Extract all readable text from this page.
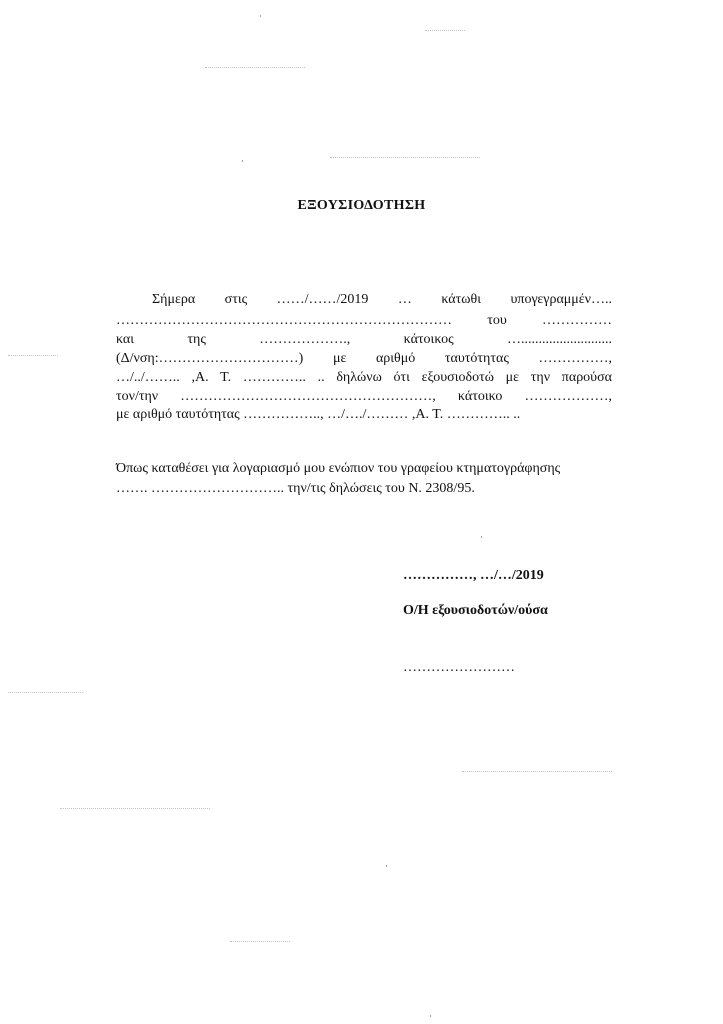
ΕΞΟΥΣΙΟΔΟΤΗΣΗ
Σήμερα στις ……/……/2019 … κάτωθι υπογεγραμμέν…..
……………………………………………………………… του ……………
και της ………………., κάτοικος …..........................
(Δ/νση:…………………………) με αριθμό ταυτότητας ……………,
…/../…….. ,Α. Τ. ………….. .. δηλώνω ότι εξουσιοδοτώ με την παρούσα
τον/την ………………………………………………, κάτοικο ………………,
με αριθμό ταυτότητας …………….., …/…./……… ,Α. Τ. ………….. ..
Όπως καταθέσει για λογαριασμό μου ενώπιον του γραφείου κτηματογράφησης
……. ……………………….. την/τις δηλώσεις του Ν. 2308/95.
……………, …/…/2019
Ο/Η εξουσιοδοτών/ούσα
……………………
